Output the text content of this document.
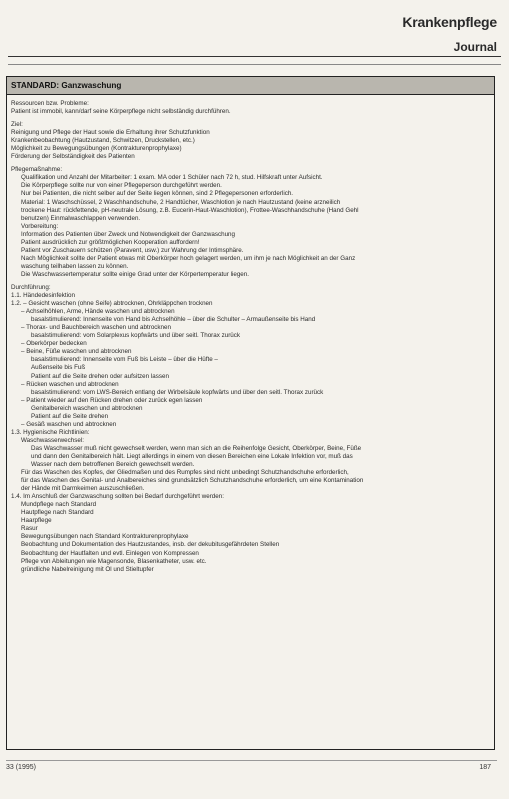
Krankenpflege
Journal
STANDARD: Ganzwaschung
Ressourcen bzw. Probleme:
Patient ist immobil, kann/darf seine Körperpflege nicht selbständig durchführen.
Ziel:
Reinigung und Pflege der Haut sowie die Erhaltung ihrer Schutzfunktion
Krankenbeobachtung (Hautzustand, Schwitzen, Druckstellen, etc.)
Möglichkeit zu Bewegungsübungen (Kontrakturenprophylaxe)
Förderung der Selbständigkeit des Patienten
Pflegemaßnahme:
Qualifikation und Anzahl der Mitarbeiter: 1 exam. MA oder 1 Schüler nach 72 h, stud. Hilfskraft unter Aufsicht.
Die Körperpflege sollte nur von einer Pflegeperson durchgeführt werden.
Nur bei Patienten, die nicht selber auf der Seite liegen können, sind 2 Pflegepersonen erforderlich.
Material: 1 Waschschüssel, 2 Waschhandschuhe, 2 Handtücher, Waschlotion je nach Hautzustand (keine arzneilich
trockene Haut: rückfettende, pH-neutrale Lösung, z.B. Eucerin-Haut-Waschlotion), Frottee-Waschhandschuhe (Hand Gehl
benutzen) Einmalwaschlappen verwenden.
Vorbereitung:
Information des Patienten über Zweck und Notwendigkeit der Ganzwaschung
Patient ausdrücklich zur größtmöglichen Kooperation auffordern!
Patient vor Zuschauern schützen (Paravent, usw.) zur Wahrung der Intimsphäre.
Nach Möglichkeit sollte der Patient etwas mit Oberkörper hoch gelagert werden, um ihm je nach Möglichkeit an der Ganz
waschung teilhaben lassen zu können.
Die Waschwassertemperatur sollte einige Grad unter der Körpertemperatur liegen.
Durchführung:
1.1. Händedesinfektion
1.2. – Gesicht waschen (ohne Seife) abtrocknen, Ohrkläppchen trocknen
– Achselhöhlen, Arme, Hände waschen und abtrocknen
basalstimulierend: Innenseite von Hand bis Achselhöhle – über die Schulter – Armaußenseite bis Hand
– Thorax- und Bauchbereich waschen und abtrocknen
basalstimulierend: vom Solarplexus kopfwärts und über seitl. Thorax zurück
– Oberkörper bedecken
– Beine, Füße waschen und abtrocknen
basalstimulierend: Innenseite vom Fuß bis Leiste – über die Hüfte –
Außenseite bis Fuß
Patient auf die Seite drehen oder aufsitzen lassen
– Rücken waschen und abtrocknen
basalstimulierend: vom LWS-Bereich entlang der Wirbelsäule kopfwärts und über den seitl. Thorax zurück
– Patient wieder auf den Rücken drehen oder zurück egen lassen
Genitalbereich waschen und abtrocknen
Patient auf die Seite drehen
– Gesäß waschen und abtrocknen
1.3. Hygienische Richtlinien:
Waschwasserwechsel:
Das Waschwasser muß nicht gewechselt werden, wenn man sich an die Reihenfolge Gesicht, Oberkörper, Beine, Füße
und dann den Genitalbereich hält. Liegt allerdings in einem von diesen Bereichen eine Lokale Infektion vor, muß das
Wasser nach dem betroffenen Bereich gewechselt werden.
Für das Waschen des Kopfes, der Gliedmaßen und des Rumpfes sind nicht unbedingt Schutzhandschuhe erforderlich,
für das Waschen des Genital- und Analbereiches sind grundsätzlich Schutzhandschuhe erforderlich, um eine Kontamination
der Hände mit Darmkeimen auszuschließen.
1.4. Im Anschluß der Ganzwaschung sollten bei Bedarf durchgeführt werden:
Mundpflege nach Standard
Hautpflege nach Standard
Haarpflege
Rasur
Bewegungsübungen nach Standard Kontrakturenprophylaxe
Beobachtung und Dokumentation des Hautzustandes, insb. der dekubitusgefährdeten Stellen
Beobachtung der Hautfalten und evtl. Einlegen von Kompressen
Pflege von Ableitungen wie Magensonde, Blasenkatheter, usw. etc.
gründliche Nabelreinigung mit Öl und Stieltupfer
33 (1995)	187
